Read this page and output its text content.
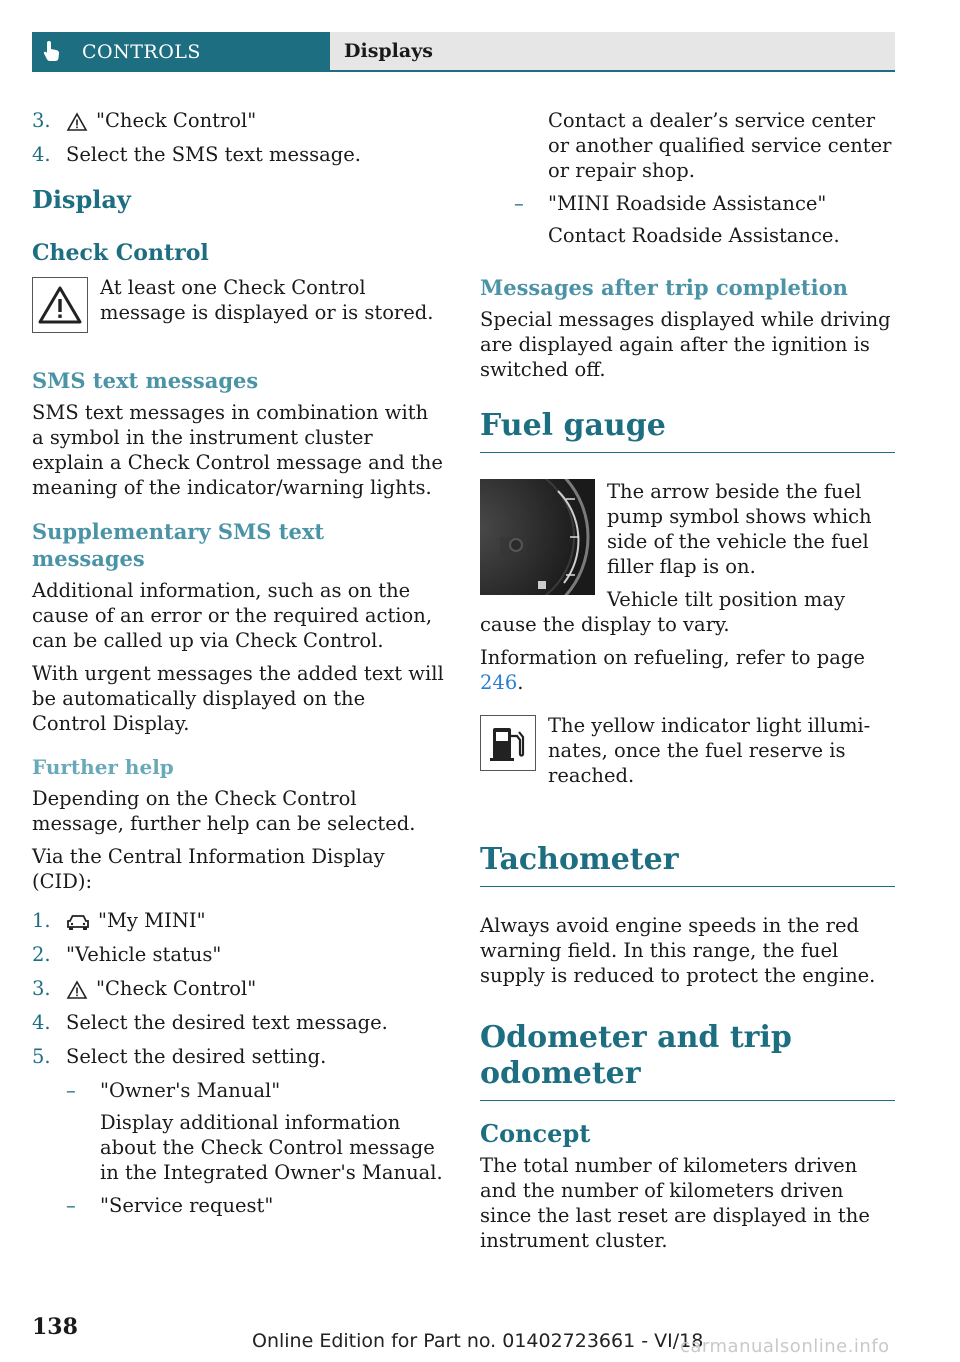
CONTROLS	Displays
3.	"Check Control"
4. Select the SMS text message.
Display
Check Control

At least one Check Control message is displayed or is stored.

SMS text messages

SMS text messages in combination with a symbol in the instrument cluster explain a Check Control message and the meaning of the indicator/warning lights.

Supplementary SMS text messages

Additional information, such as on the cause of an error or the required action, can be called up via Check Control.

With urgent messages the added text will be automatically displayed on the Control Display.

Further help

Depending on the Check Control message, further help can be selected.

Via the Central Information Display (CID):

1.	"My MINI"
2. "Vehicle status"
3.	"Check Control"
4. Select the desired text message.
5. Select the desired setting.
–	"Owner's Manual"

Display additional information about the Check Control message in the Integrated Owner's Manual.

–	"Service request"

Contact a dealer’s service center or another qualified service center or repair shop.

–	"MINI Roadside Assistance"

Contact Roadside Assistance.

Messages after trip completion

Special messages displayed while driving are displayed again after the ignition is switched off.

Fuel gauge

The arrow beside the fuel pump symbol shows which side of the vehicle the fuel filler flap is on.

Vehicle tilt position may cause the display to vary.

Information on refueling, refer to page 246.

The yellow indicator light illumi- nates, once the fuel reserve is reached.

Tachometer

Always avoid engine speeds in the red warning field. In this range, the fuel supply is reduced to protect the engine.

Odometer and trip odometer
Concept

The total number of kilometers driven and the number of kilometers driven since the last reset are displayed in the instrument cluster.

138
Online Edition for Part no. 01402723661 - VI/18
carmanualsonline.info
